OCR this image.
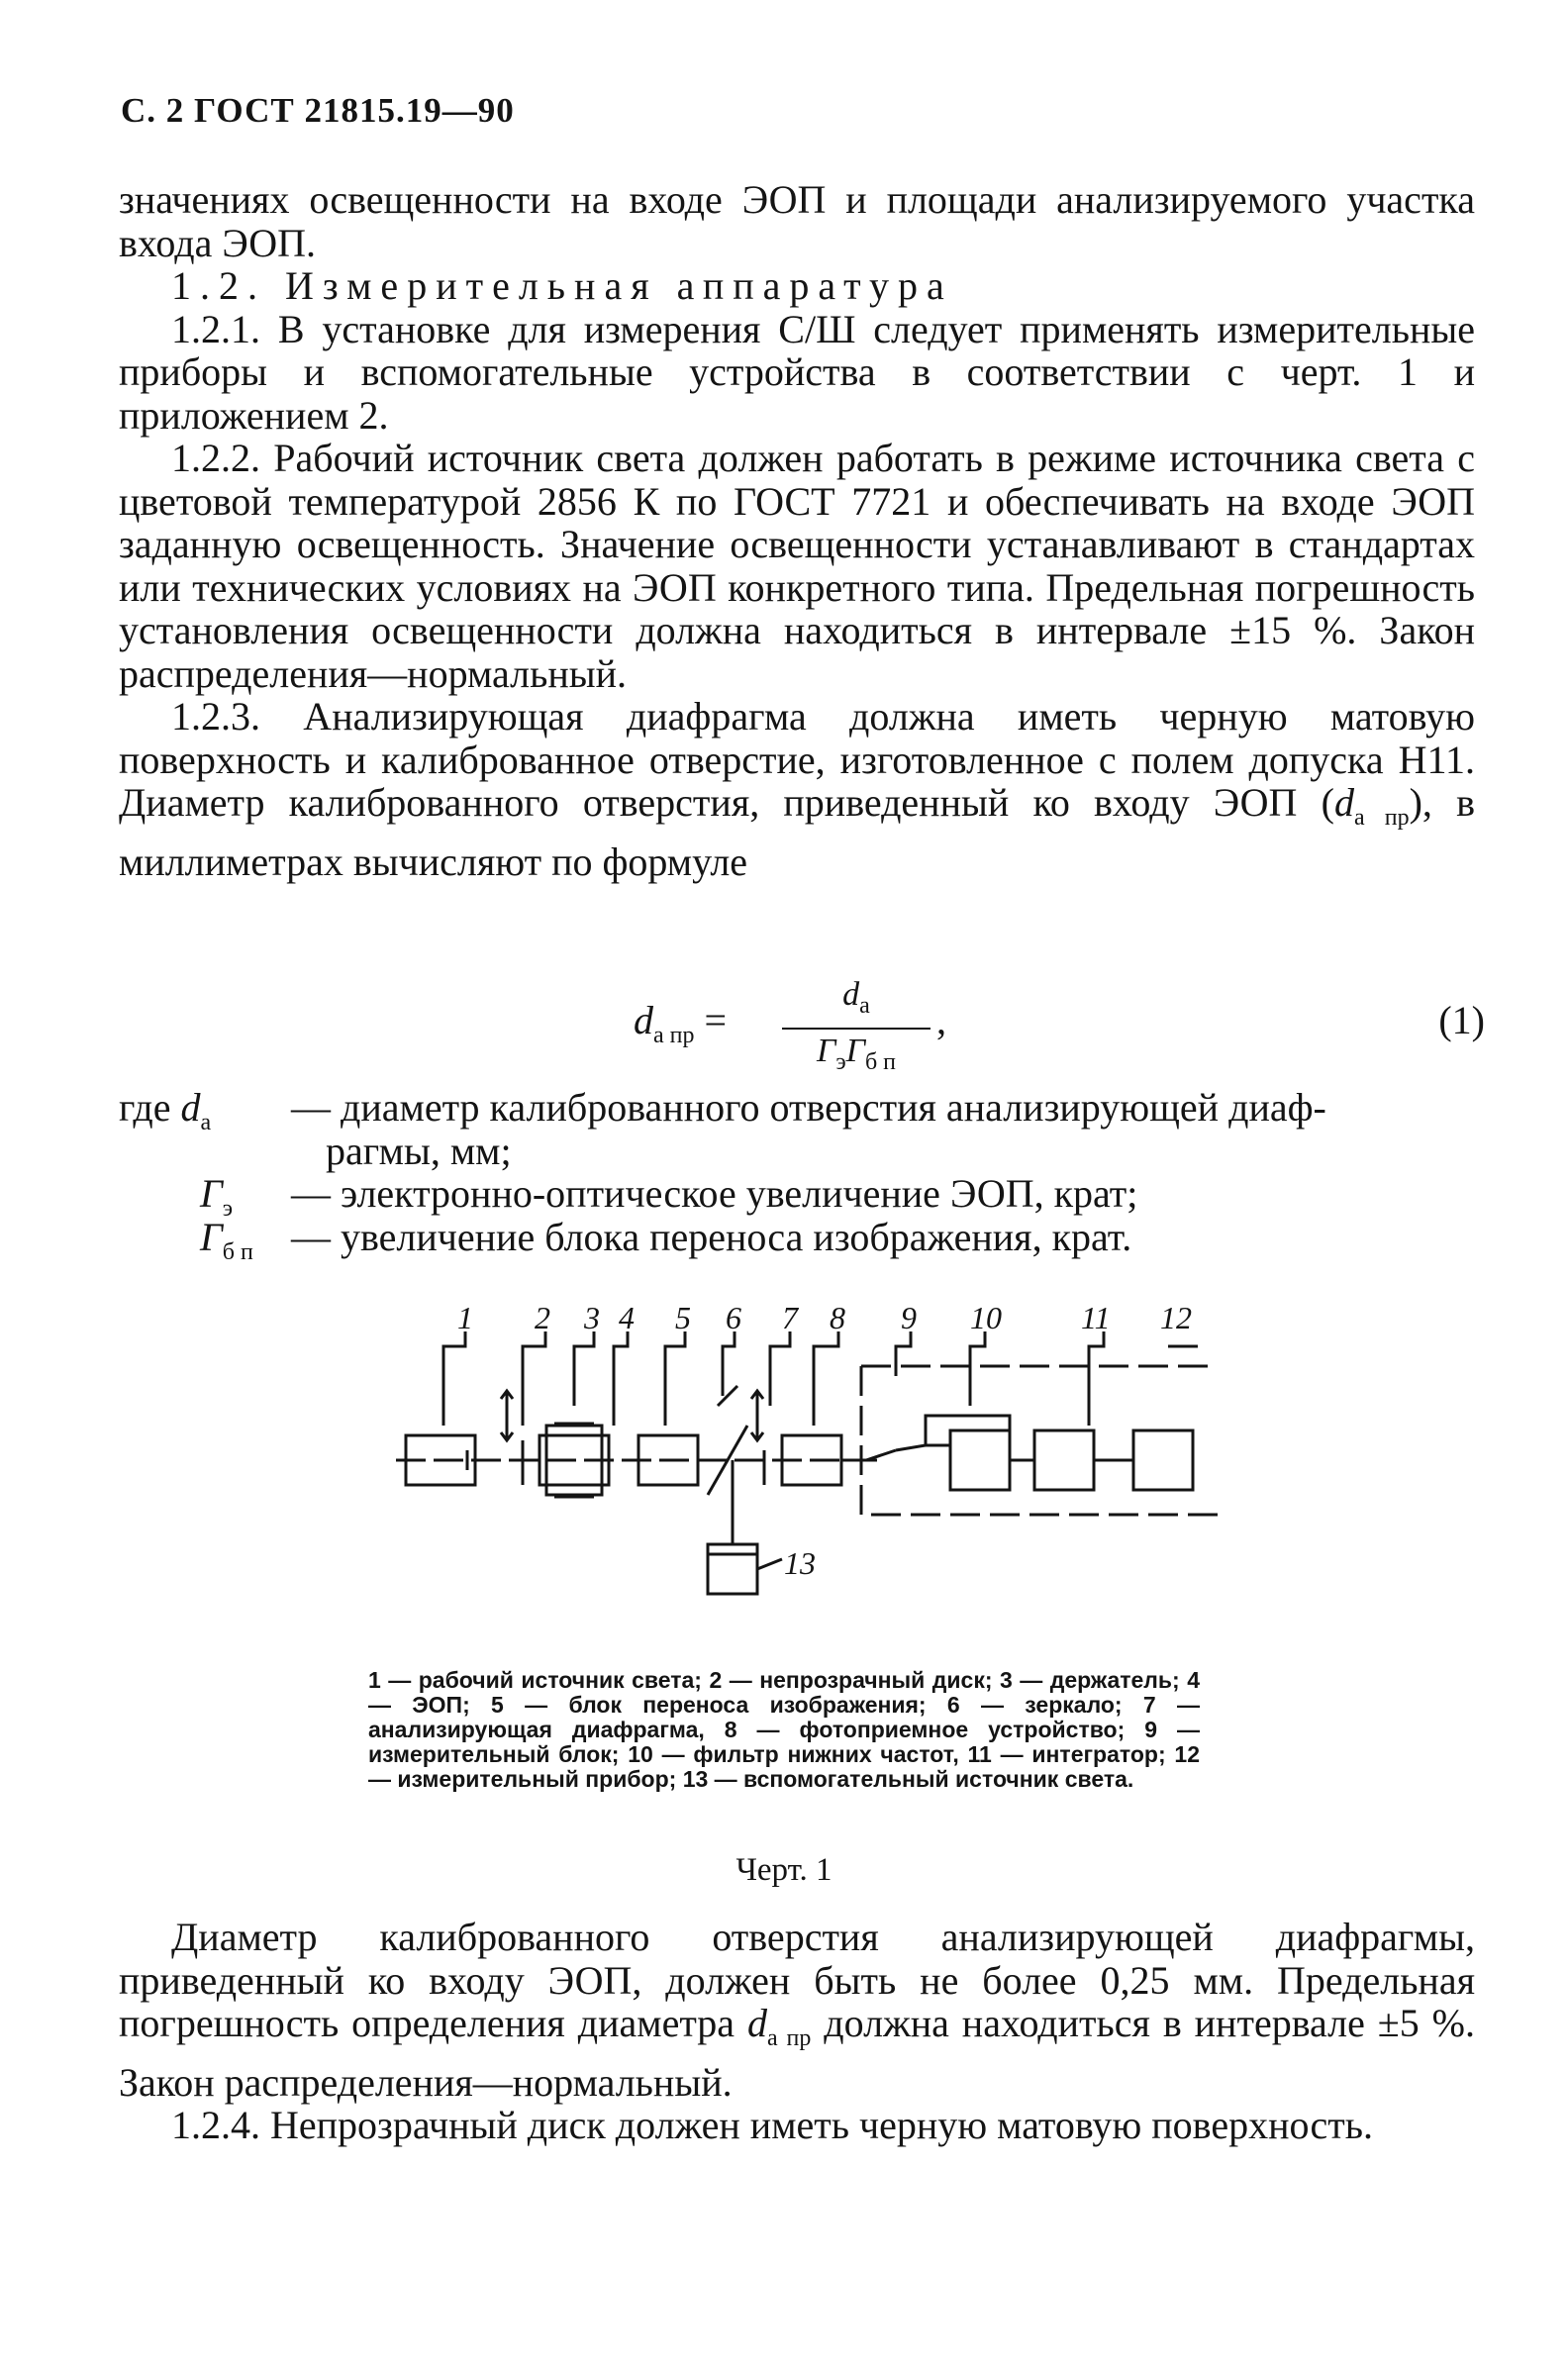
С. 2 ГОСТ 21815.19—90

значениях освещенности на входе ЭОП и площади анализируемого участка входа ЭОП.

1.2. Измерительная аппаратура

1.2.1. В установке для измерения С/Ш следует применять измерительные приборы и вспомогательные устройства в соответствии с черт. 1 и приложением 2.

1.2.2. Рабочий источник света должен работать в режиме источника света с цветовой температурой 2856 К по ГОСТ 7721 и обеспечивать на входе ЭОП заданную освещенность. Значение освещенности устанавливают в стандартах или технических условиях на ЭОП конкретного типа. Предельная погрешность установления освещенности должна находиться в интервале ±15 %. Закон распределения—нормальный.

1.2.3. Анализирующая диафрагма должна иметь черную матовую поверхность и калиброванное отверстие, изготовленное с полем допуска Н11. Диаметр калиброванного отверстия, приведенный ко входу ЭОП $(d_{а пр})$, в миллиметрах вычисляют по формуле

$d_{а пр}$ =
$d_а$
$Г_эГ_{б п}$
,	(1)
где $d_а$ — диаметр калиброванного отверстия анализирующей диаф-
рагмы, мм;
$Г_э$ — электронно-оптическое увеличение ЭОП, крат;
$Г_{б п}$ — увеличение блока переноса изображения, крат.
1 2 3 4 5 6 7 8 9 10	11 12
13
1 — рабочий источник света; 2 — непрозрачный диск; 3 — держатель; 4 — ЭОП; 5 — блок переноса изображения; 6 — зеркало; 7 — анализирующая диафрагма, 8 — фотоприемное устройство; 9 — измерительный блок; 10 — фильтр нижних частот, 11 — интегратор; 12 — измерительный прибор; 13 — вспомогательный источник света.
Черт. 1

Диаметр калиброванного отверстия анализирующей диафрагмы, приведенный ко входу ЭОП, должен быть не более 0,25 мм. Предельная погрешность определения диаметра $d_{а пр}$ должна находиться в интервале ±5 %. Закон распределения—нормальный.

1.2.4. Непрозрачный диск должен иметь черную матовую поверхность.
